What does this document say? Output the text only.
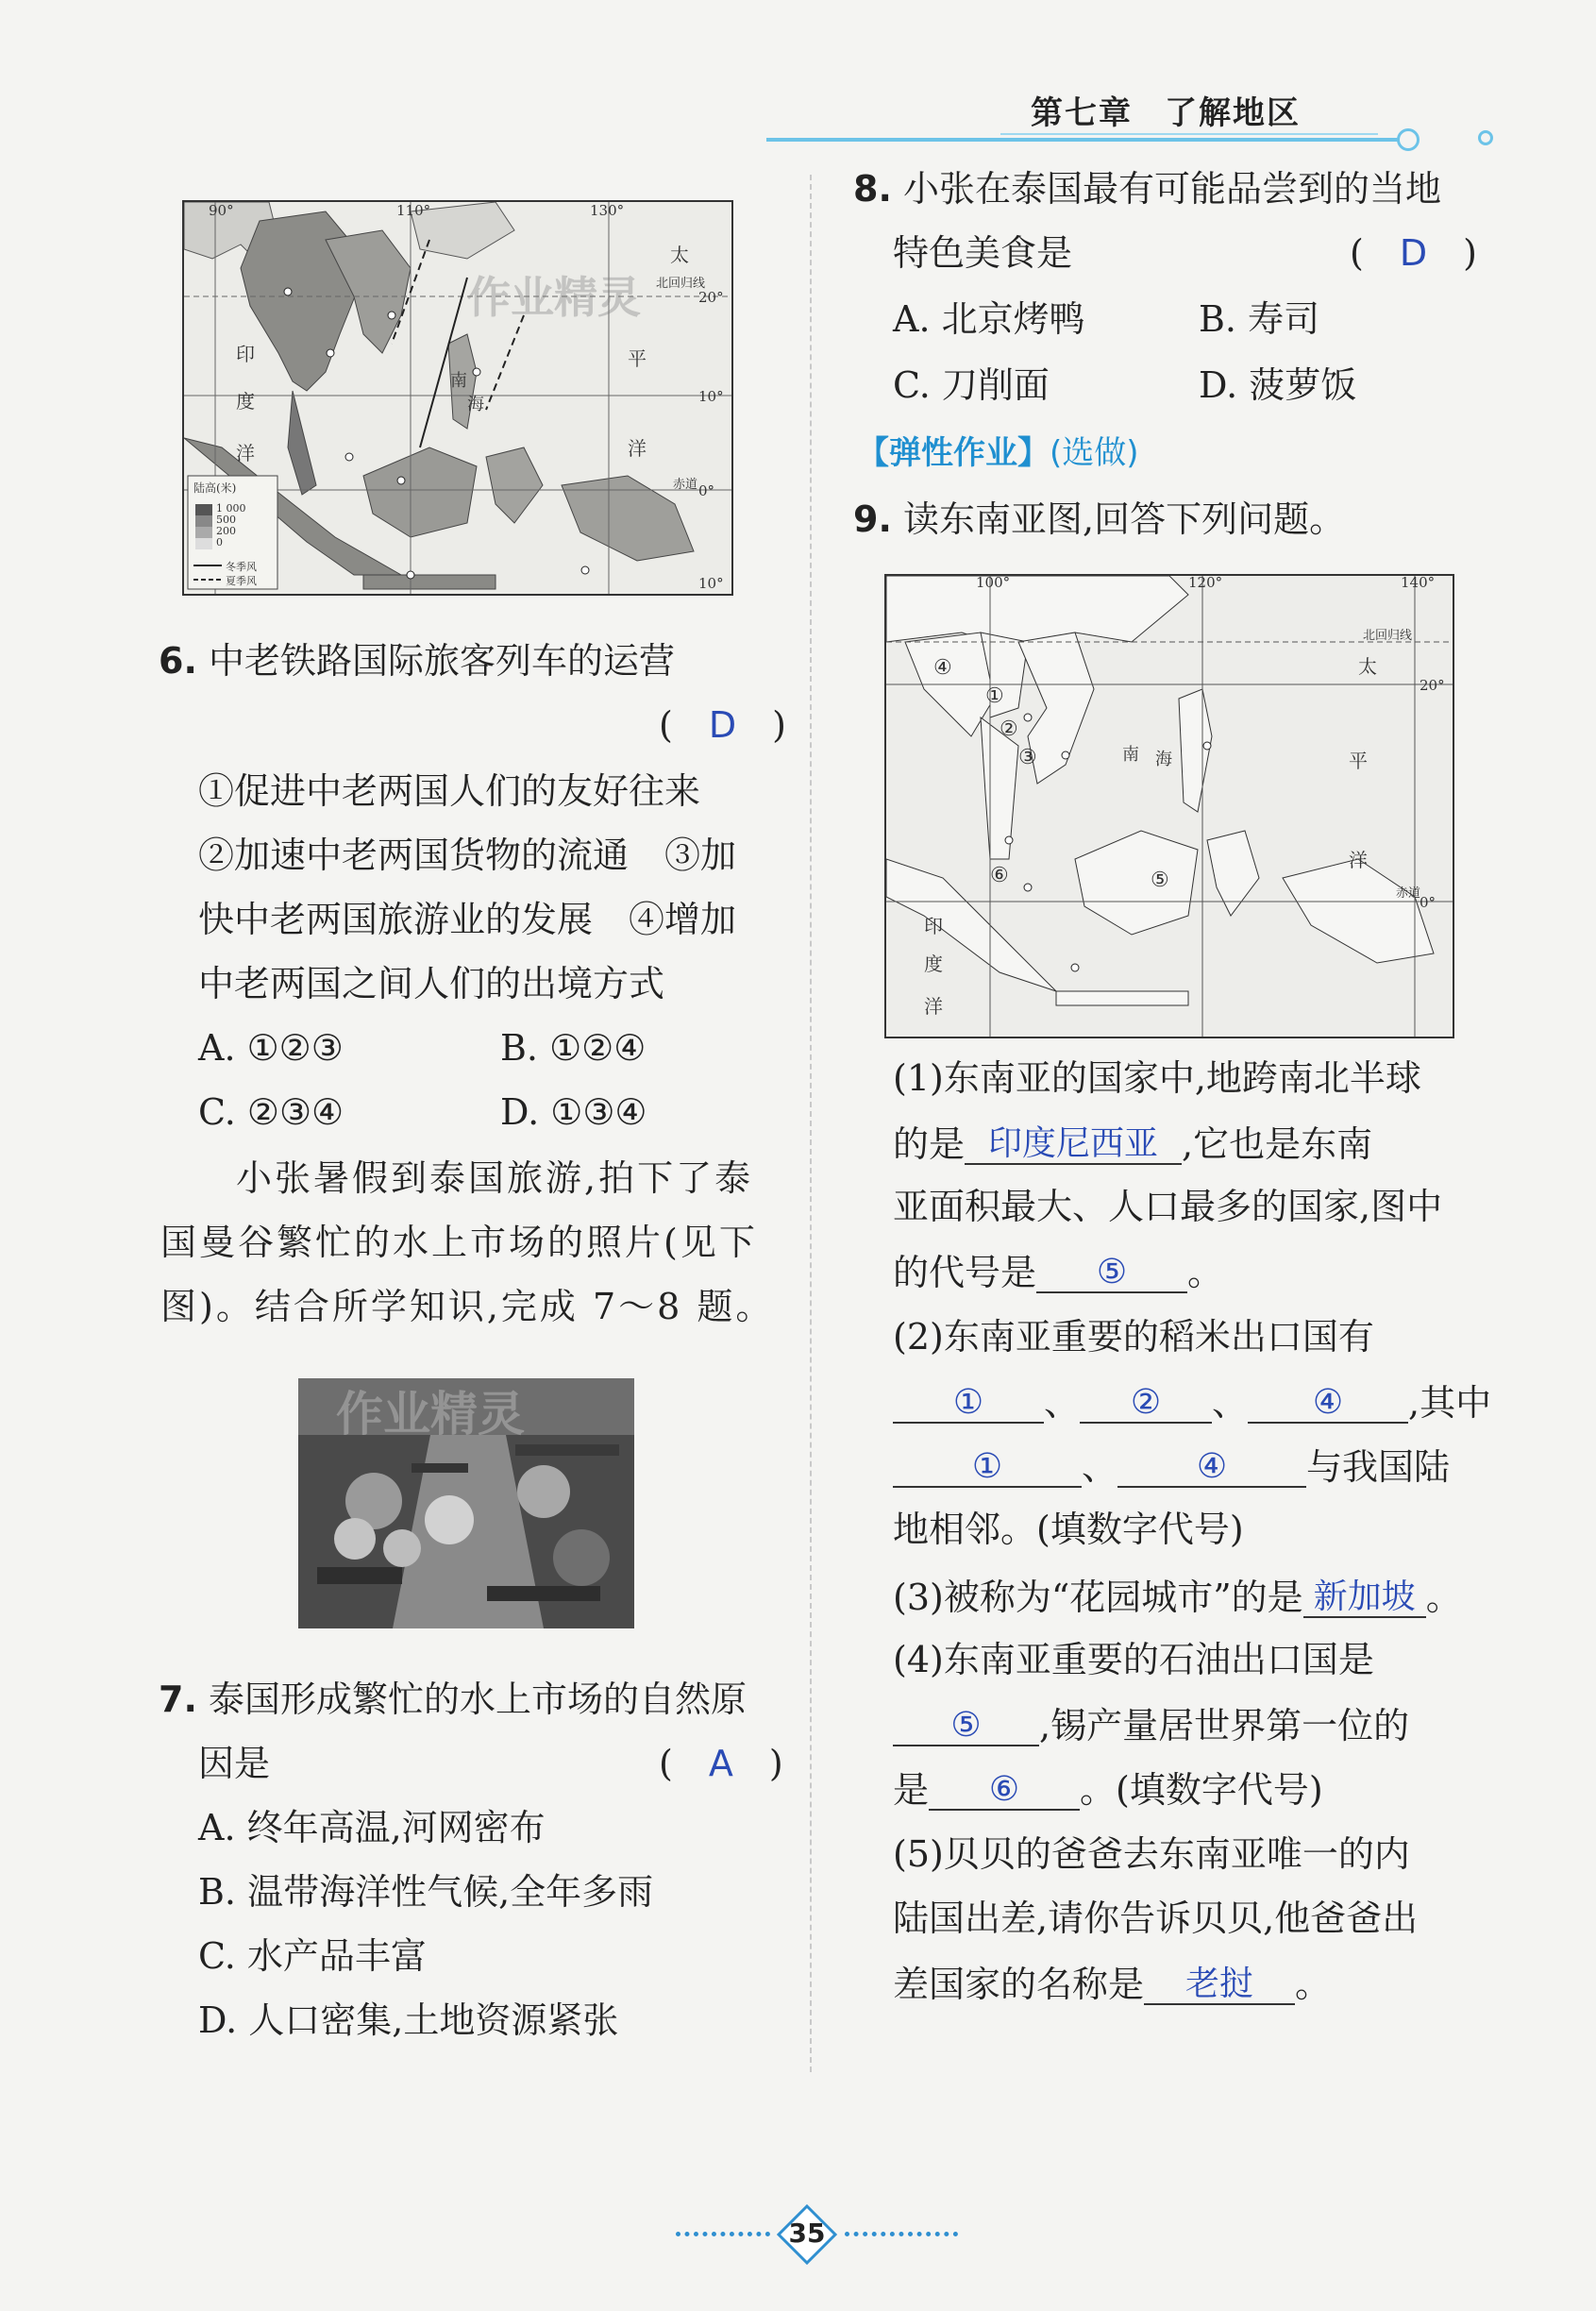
第七章 了解地区
90°	110°	130°
20°
10°
0°
10°
太
平
洋
印
度
洋
南
海
北回归线
赤道
陆高(米)
1 000
500
200
0
冬季风
夏季风
作业精灵
6. 中老铁路国际旅客列车的运营
(　D　)
①促进中老两国人们的友好往来
②加速中老两国货物的流通　③加
快中老两国旅游业的发展　④增加
中老两国之间人们的出境方式
A. ①②③	B. ①②④
C. ②③④	D. ①③④
小张暑假到泰国旅游,拍下了泰
国曼谷繁忙的水上市场的照片(见下
图)。结合所学知识,完成 7～8 题。
作业精灵
7. 泰国形成繁忙的水上市场的自然原
因是	(　A　)
A. 终年高温,河网密布
B. 温带海洋性气候,全年多雨
C. 水产品丰富
D. 人口密集,土地资源紧张
8. 小张在泰国最有可能品尝到的当地
特色美食是	(　D　)
A. 北京烤鸭	B. 寿司
C. 刀削面	D. 菠萝饭
【弹性作业】(选做)
9. 读东南亚图,回答下列问题。
100°	120°	140°
20°
0°
④
①
②
③
⑥	⑤
太
平
洋
印
度
洋
南 海
北回归线
赤道
(1)东南亚的国家中,地跨南北半球
的是 印度尼西亚 ,它也是东南
亚面积最大、人口最多的国家,图中
的代号是 ⑤ 。
(2)东南亚重要的稻米出口国有
① 、 ② 、 ④ ,其中
① 、 ④ 与我国陆
地相邻。(填数字代号)
(3)被称为“花园城市”的是 新加坡 。
(4)东南亚重要的石油出口国是
⑤ ,锡产量居世界第一位的
是 ⑥ 。(填数字代号)
(5)贝贝的爸爸去东南亚唯一的内
陆国出差,请你告诉贝贝,他爸爸出
差国家的名称是 老挝 。
35
